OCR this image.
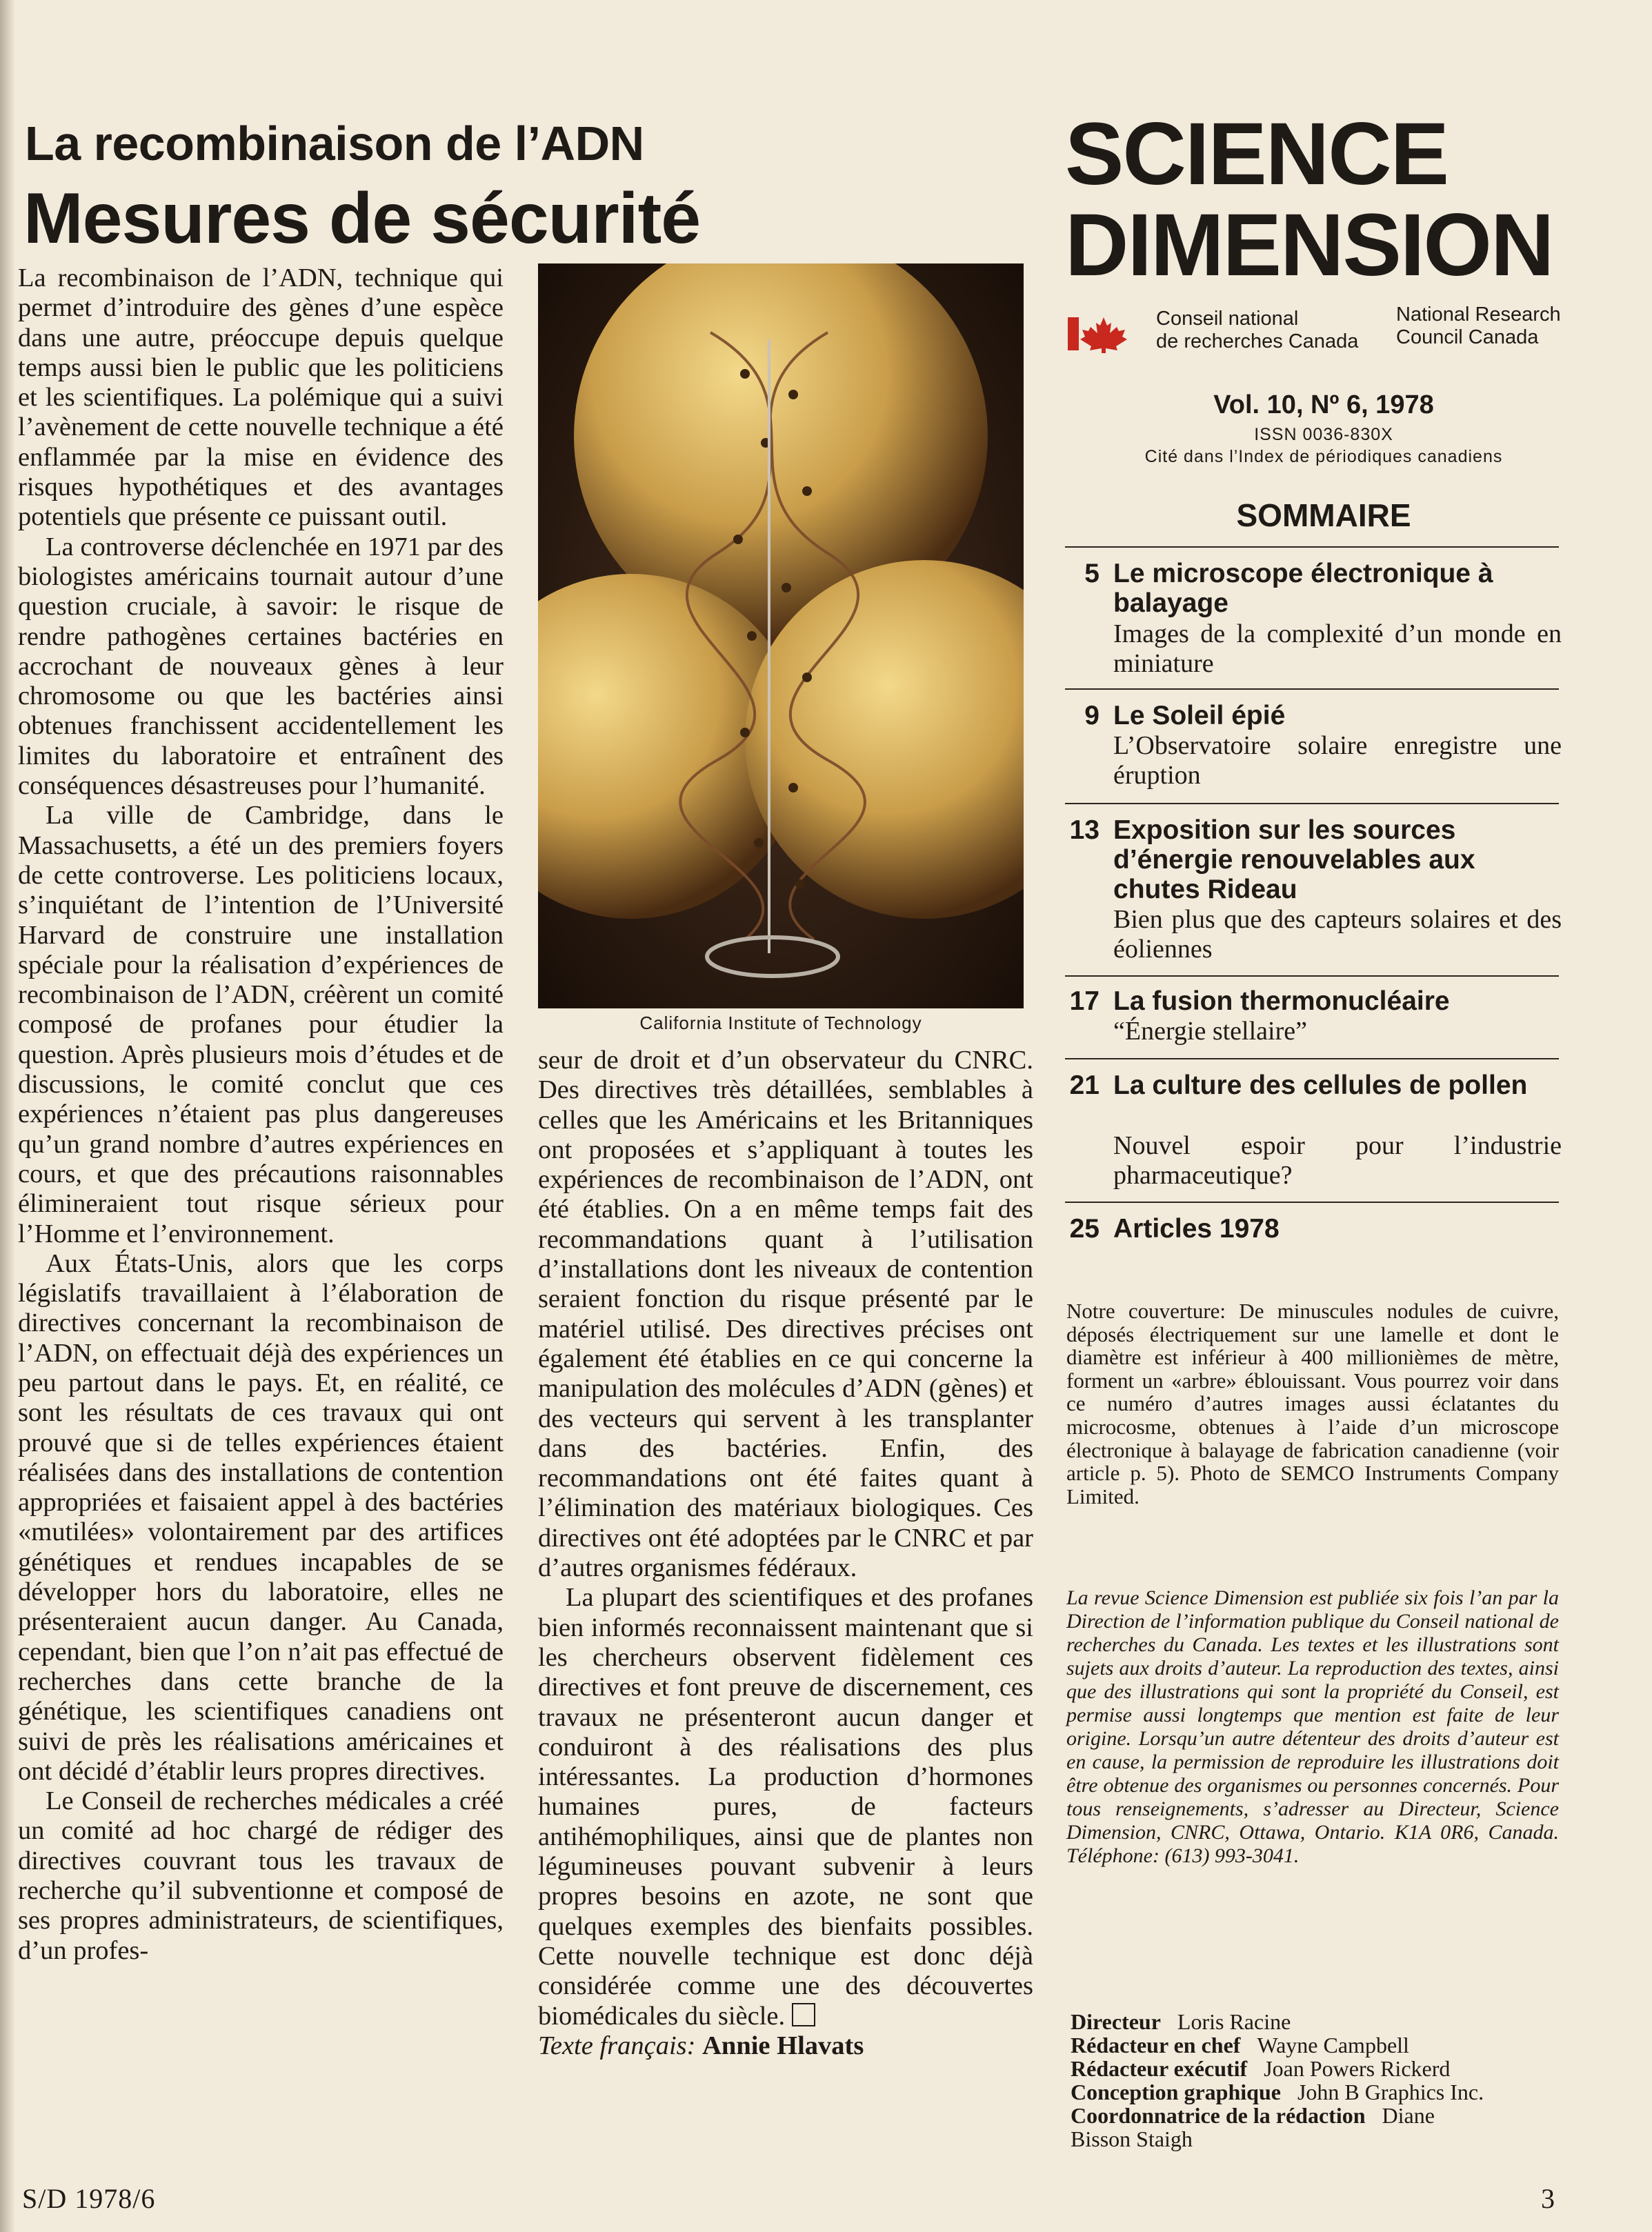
La recombinaison de l’ADN
Mesures de sécurité

La recombinaison de l’ADN, technique qui permet d’introduire des gènes d’une espèce dans une autre, préoccupe depuis quelque temps aussi bien le public que les politiciens et les scientifiques. La polémique qui a suivi l’avènement de cette nouvelle technique a été enflammée par la mise en évidence des risques hypothétiques et des avantages potentiels que présente ce puissant outil.

La controverse déclenchée en 1971 par des biologistes américains tournait autour d’une question cruciale, à savoir: le risque de rendre pathogènes certaines bactéries en accrochant de nouveaux gènes à leur chromosome ou que les bactéries ainsi obtenues franchissent accidentellement les limites du laboratoire et entraînent des conséquences désastreuses pour l’humanité.

La ville de Cambridge, dans le Massachusetts, a été un des premiers foyers de cette controverse. Les politiciens locaux, s’inquiétant de l’intention de l’Université Harvard de construire une installation spéciale pour la réalisation d’expériences de recombinaison de l’ADN, créèrent un comité composé de profanes pour étudier la question. Après plusieurs mois d’études et de discussions, le comité conclut que ces expériences n’étaient pas plus dangereuses qu’un grand nombre d’autres expériences en cours, et que des précautions raisonnables élimineraient tout risque sérieux pour l’Homme et l’environnement.

Aux États-Unis, alors que les corps législatifs travaillaient à l’élaboration de directives concernant la recombinaison de l’ADN, on effectuait déjà des expériences un peu partout dans le pays. Et, en réalité, ce sont les résultats de ces travaux qui ont prouvé que si de telles expériences étaient réalisées dans des installations de contention appropriées et faisaient appel à des bactéries «mutilées» volontairement par des artifices génétiques et rendues incapables de se développer hors du laboratoire, elles ne présenteraient aucun danger. Au Canada, cependant, bien que l’on n’ait pas effectué de recherches dans cette branche de la génétique, les scientifiques canadiens ont suivi de près les réalisations américaines et ont décidé d’établir leurs propres directives.

Le Conseil de recherches médicales a créé un comité ad hoc chargé de rédiger des directives couvrant tous les travaux de recherche qu’il subventionne et composé de ses propres administrateurs, de scientifiques, d’un profes-

California Institute of Technology

seur de droit et d’un observateur du CNRC. Des directives très détaillées, semblables à celles que les Américains et les Britanniques ont proposées et s’appliquant à toutes les expériences de recombinaison de l’ADN, ont été établies. On a en même temps fait des recommandations quant à l’utilisation d’installations dont les niveaux de contention seraient fonction du risque présenté par le matériel utilisé. Des directives précises ont également été établies en ce qui concerne la manipulation des molécules d’ADN (gènes) et des vecteurs qui servent à les transplanter dans des bactéries. Enfin, des recommandations ont été faites quant à l’élimination des matériaux biologiques. Ces directives ont été adoptées par le CNRC et par d’autres organismes fédéraux.

La plupart des scientifiques et des profanes bien informés reconnaissent maintenant que si les chercheurs observent fidèlement ces directives et font preuve de discernement, ces travaux ne présenteront aucun danger et conduiront à des réalisations des plus intéressantes. La production d’hormones humaines pures, de facteurs antihémophiliques, ainsi que de plantes non légumineuses pouvant subvenir à leurs propres besoins en azote, ne sont que quelques exemples des bienfaits possibles. Cette nouvelle technique est donc déjà considérée comme une des découvertes biomédicales du siècle.

Texte français: Annie Hlavats

SCIENCE
DIMENSION
Conseil national
de recherches Canada
National Research
Council Canada
Vol. 10, Nº 6, 1978
ISSN 0036-830X
Cité dans l’Index de périodiques canadiens
SOMMAIRE
5 Le microscope électronique à balayage
Images de la complexité d’un monde en miniature
9 Le Soleil épié
L’Observatoire solaire enregistre une éruption
13 Exposition sur les sources d’énergie renouvelables aux chutes Rideau
Bien plus que des capteurs solaires et des éoliennes
17 La fusion thermonucléaire
“Énergie stellaire”
21 La culture des cellules de pollen
Nouvel espoir pour l’industrie pharmaceutique?
25 Articles 1978
Notre couverture: De minuscules nodules de cuivre, déposés électriquement sur une lamelle et dont le diamètre est inférieur à 400 millionièmes de mètre, forment un «arbre» éblouissant. Vous pourrez voir dans ce numéro d’autres images aussi éclatantes du microcosme, obtenues à l’aide d’un microscope électronique à balayage de fabrication canadienne (voir article p. 5). Photo de SEMCO Instruments Company Limited.
La revue Science Dimension est publiée six fois l’an par la Direction de l’information publique du Conseil national de recherches du Canada. Les textes et les illustrations sont sujets aux droits d’auteur. La reproduction des textes, ainsi que des illustrations qui sont la propriété du Conseil, est permise aussi longtemps que mention est faite de leur origine. Lorsqu’un autre détenteur des droits d’auteur est en cause, la permission de reproduire les illustrations doit être obtenue des organismes ou personnes concernés. Pour tous renseignements, s’adresser au Directeur, Science Dimension, CNRC, Ottawa, Ontario. K1A 0R6, Canada. Téléphone: (613) 993-3041.
Directeur Loris Racine
Rédacteur en chef Wayne Campbell
Rédacteur exécutif Joan Powers Rickerd
Conception graphique John B Graphics Inc.
Coordonnatrice de la rédaction Diane Bisson Staigh
S/D 1978/6	3
